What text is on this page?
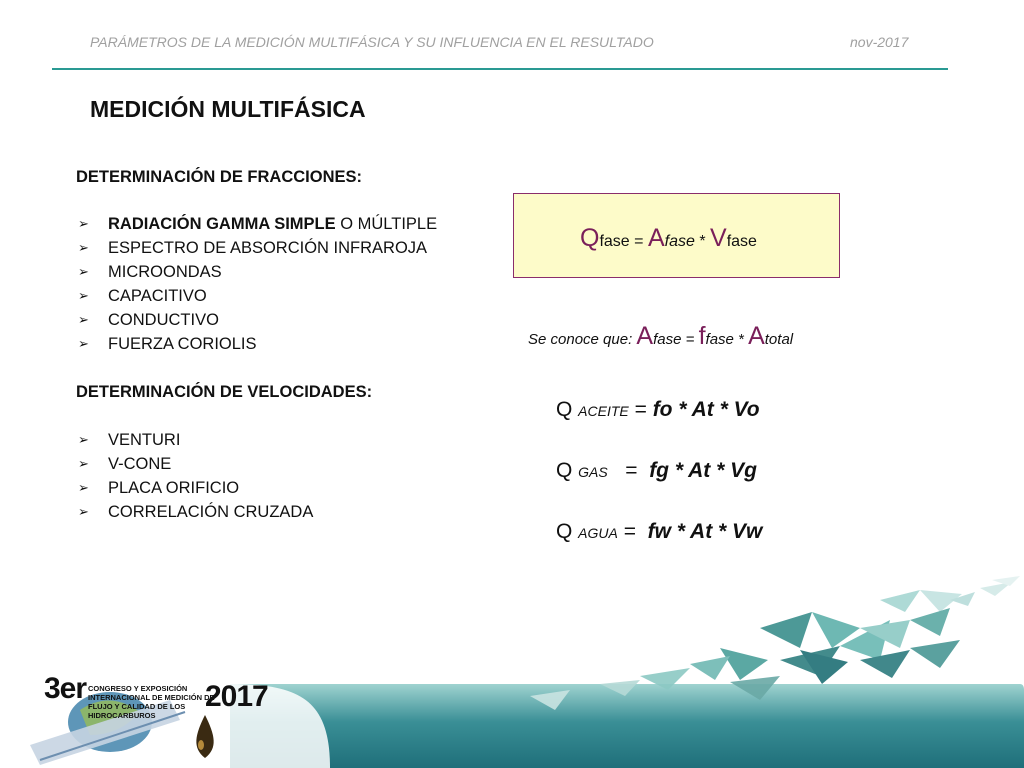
PARÁMETROS DE LA MEDICIÓN MULTIFÁSICA Y SU INFLUENCIA EN EL RESULTADO	nov-2017
MEDICIÓN MULTIFÁSICA
DETERMINACIÓN DE FRACCIONES:
➢ RADIACIÓN GAMMA SIMPLE O MÚLTIPLE
➢ ESPECTRO DE ABSORCIÓN INFRAROJA
➢ MICROONDAS
➢ CAPACITIVO
➢ CONDUCTIVO
➢ FUERZA CORIOLIS
DETERMINACIÓN DE VELOCIDADES:
➢ VENTURI
➢ V-CONE
➢ PLACA ORIFICIO
➢ CORRELACIÓN CRUZADA
Qfase = Afase * Vfase
Se conoce que: Afase = ffase * Atotal
Q ACEITE = fo * At * Vo
Q GAS   =  fg * At * Vg
Q AGUA =  fw * At * Vw
3er CONGRESO Y EXPOSICIÓN INTERNACIONAL DE MEDICIÓN DE FLUJO Y CALIDAD DE LOS HIDROCARBUROS
2017
